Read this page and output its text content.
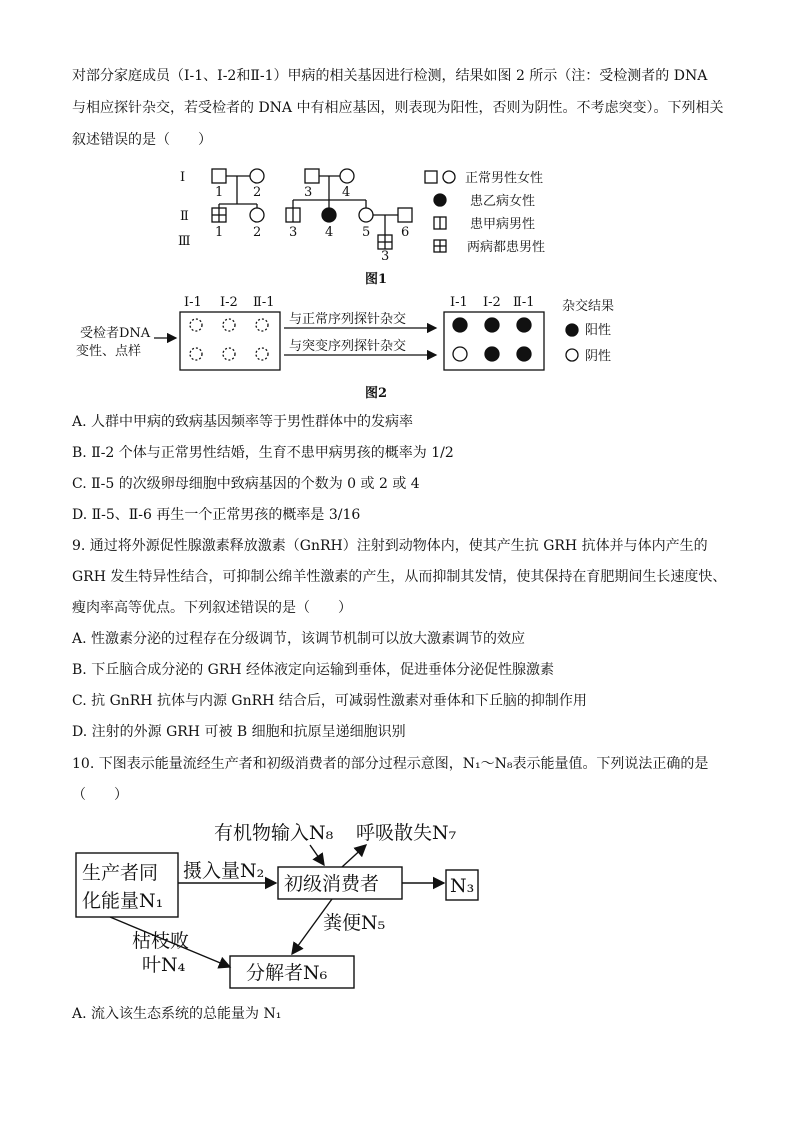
对部分家庭成员（Ⅰ-1、Ⅰ-2和Ⅱ-1）甲病的相关基因进行检测，结果如图 2 所示（注：受检测者的 DNA
与相应探针杂交，若受检者的 DNA 中有相应基因，则表现为阳性，否则为阴性。不考虑突变）。下列相关
叙述错误的是（　　）
Ⅰ
Ⅱ
Ⅲ
1 2	3 4
1 2 3 4 5 6
3
正常男性女性
患乙病女性
患甲病男性
两病都患男性
图1
受检者DNA
变性、点样
Ⅰ-1 Ⅰ-2 Ⅱ-1
与正常序列探针杂交
与突变序列探针杂交
Ⅰ-1 Ⅰ-2 Ⅱ-1 杂交结果
阳性
阴性
图2
A. 人群中甲病的致病基因频率等于男性群体中的发病率
B. Ⅱ-2 个体与正常男性结婚，生育不患甲病男孩的概率为 1/2
C. Ⅱ-5 的次级卵母细胞中致病基因的个数为 0 或 2 或 4
D. Ⅱ-5、Ⅱ-6 再生一个正常男孩的概率是 3/16
9. 通过将外源促性腺激素释放激素（GnRH）注射到动物体内，使其产生抗 GRH 抗体并与体内产生的
GRH 发生特异性结合，可抑制公绵羊性激素的产生，从而抑制其发情，使其保持在育肥期间生长速度快、
瘦肉率高等优点。下列叙述错误的是（　　）
A. 性激素分泌的过程存在分级调节，该调节机制可以放大激素调节的效应
B. 下丘脑合成分泌的 GRH 经体液定向运输到垂体，促进垂体分泌促性腺激素
C. 抗 GnRH 抗体与内源 GnRH 结合后，可减弱性激素对垂体和下丘脑的抑制作用
D. 注射的外源 GRH 可被 B 细胞和抗原呈递细胞识别
10. 下图表示能量流经生产者和初级消费者的部分过程示意图，N₁～N₈表示能量值。下列说法正确的是
（　　）
生产者同
化能量N₁
摄入量N₂
初级消费者	N₃
有机物输入N₈ 呼吸散失N₇
粪便N₅
枯枝败
叶N₄	分解者N₆
A. 流入该生态系统的总能量为 N₁
